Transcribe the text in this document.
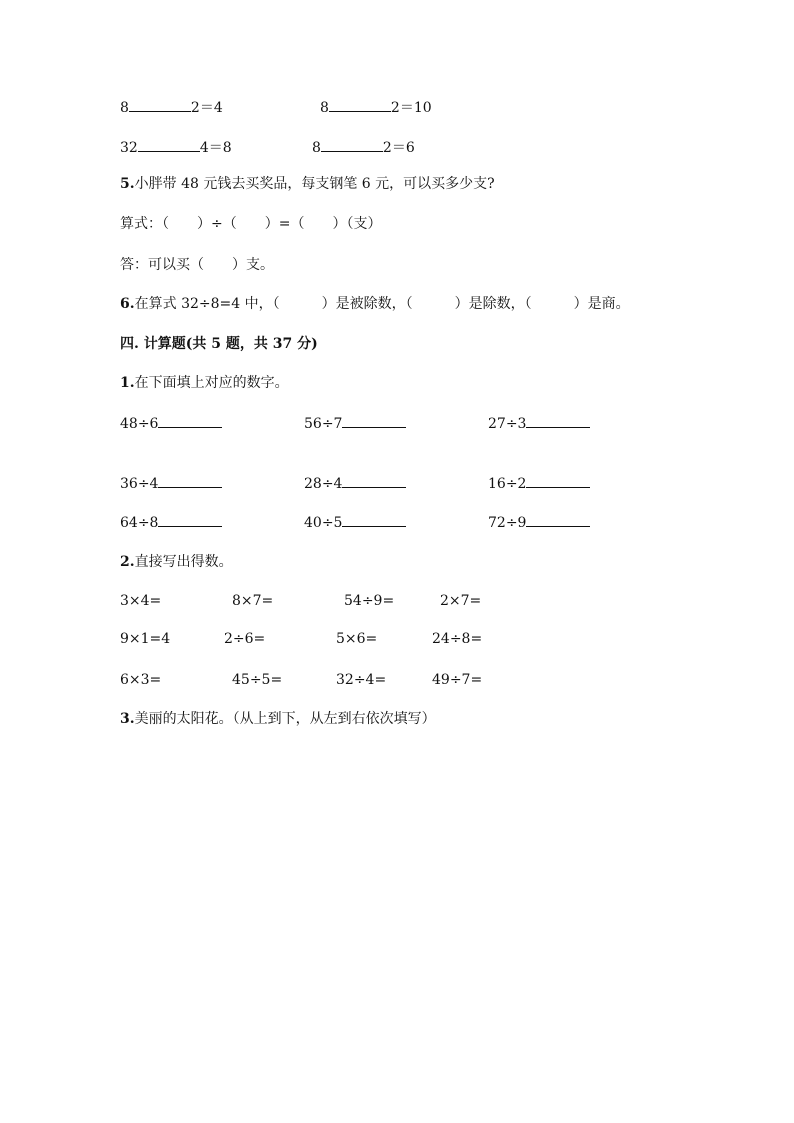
8	2＝4	8	2＝10
32	4＝8	8	2＝6
5.小胖带 48 元钱去买奖品，每支钢笔 6 元，可以买多少支?
算式：（　　）÷（　　）=（　　）（支）
答：可以买（　　）支。
6.在算式 32÷8=4 中，（　　　）是被除数，（　　　）是除数，（　　　）是商。
四. 计算题(共 5 题，共 37 分)
1.在下面填上对应的数字。
48÷6	56÷7	27÷3
36÷4	28÷4	16÷2
64÷8	40÷5	72÷9
2.直接写出得数。
3×4=	8×7=	54÷9=	2×7=
9×1=4	2÷6=	5×6=	24÷8=
6×3=	45÷5=	32÷4=	49÷7=
3.美丽的太阳花。（从上到下，从左到右依次填写）
